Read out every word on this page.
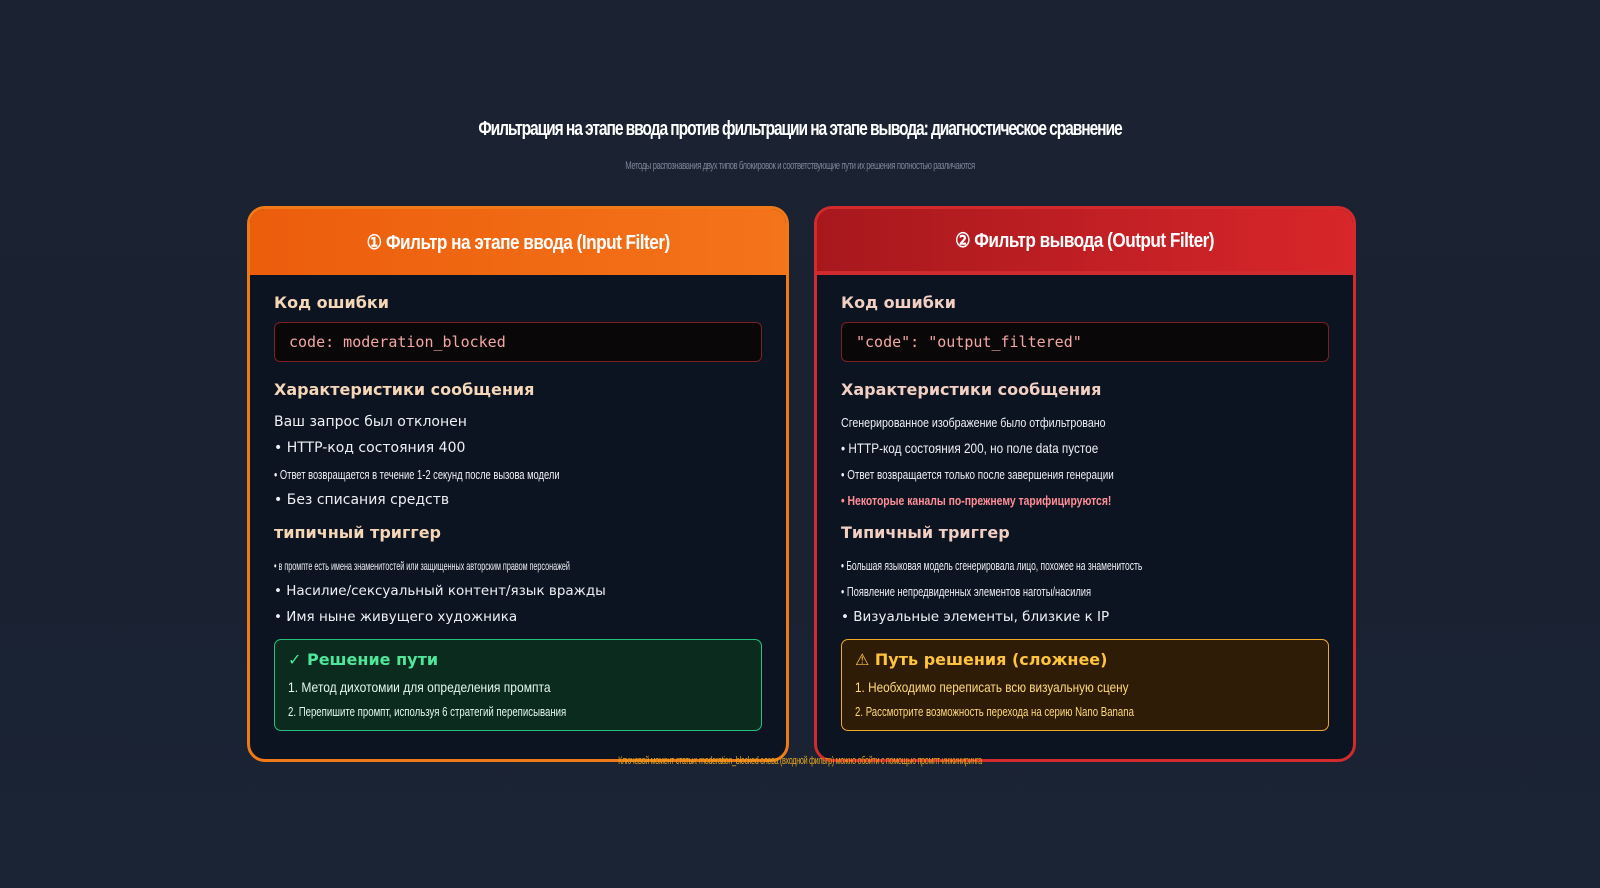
Фильтрация на этапе ввода против фильтрации на этапе вывода: диагностическое сравнение
Методы распознавания двух типов блокировок и соответствующие пути их решения полностью различаются
① Фильтр на этапе ввода (Input Filter)
Код ошибки
code: moderation_blocked
Характеристики сообщения
Ваш запрос был отклонен
• HTTP-код состояния 400
• Ответ возвращается в течение 1-2 секунд после вызова модели
• Без списания средств
типичный триггер
• в промпте есть имена знаменитостей или защищенных авторским правом персонажей
• Насилие/сексуальный контент/язык вражды
• Имя ныне живущего художника
✓ Решение пути
1. Метод дихотомии для определения промпта
2. Перепишите промпт, используя 6 стратегий переписывания
② Фильтр вывода (Output Filter)
Код ошибки
"code": "output_filtered"
Характеристики сообщения
Сгенерированное изображение было отфильтровано
• HTTP-код состояния 200, но поле data пустое
• Ответ возвращается только после завершения генерации
• Некоторые каналы по-прежнему тарифицируются!
Типичный триггер
• Большая языковая модель сгенерировала лицо, похожее на знаменитость
• Появление непредвиденных элементов наготы/насилия
• Визуальные элементы, близкие к IP
⚠ Путь решения (сложнее)
1. Необходимо переписать всю визуальную сцену
2. Рассмотрите возможность перехода на серию Nano Banana
Ключевой момент статьи: moderation_blocked слева (входной фильтр) можно обойти с помощью промпт-инжиниринга
